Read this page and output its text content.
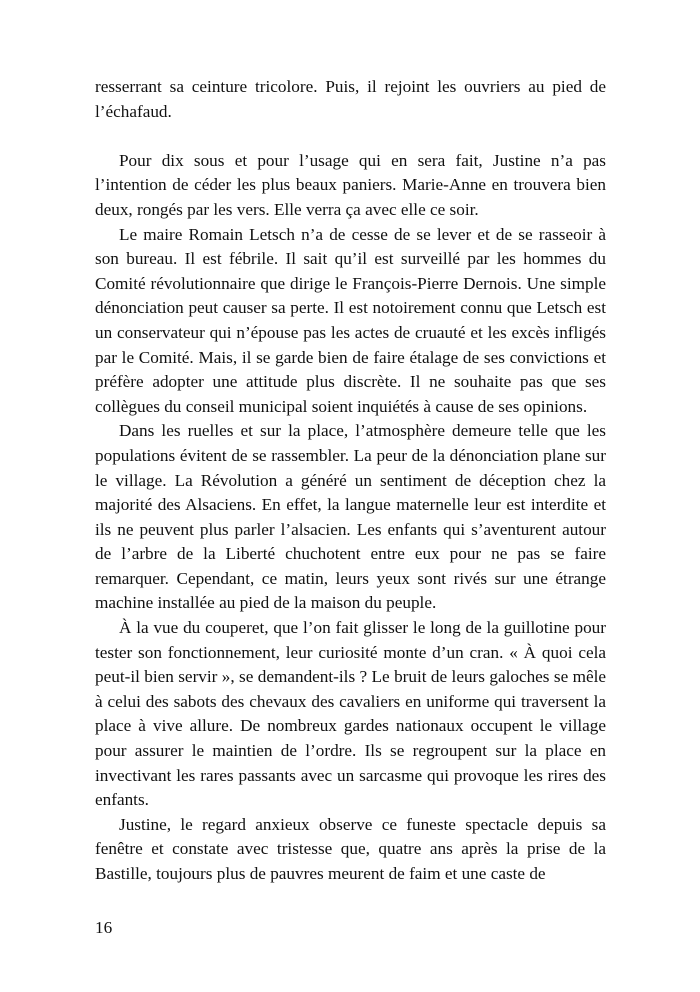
resserrant sa ceinture tricolore. Puis, il rejoint les ouvriers au pied de l’échafaud.

Pour dix sous et pour l’usage qui en sera fait, Justine n’a pas l’intention de céder les plus beaux paniers. Marie-Anne en trouvera bien deux, rongés par les vers. Elle verra ça avec elle ce soir.

Le maire Romain Letsch n’a de cesse de se lever et de se rasseoir à son bureau. Il est fébrile. Il sait qu’il est surveillé par les hommes du Comité révolutionnaire que dirige le François-Pierre Dernois. Une simple dénonciation peut causer sa perte. Il est notoirement connu que Letsch est un conservateur qui n’épouse pas les actes de cruauté et les excès infligés par le Comité. Mais, il se garde bien de faire étalage de ses convictions et préfère adopter une attitude plus discrète. Il ne souhaite pas que ses collègues du conseil municipal soient inquiétés à cause de ses opinions.

Dans les ruelles et sur la place, l’atmosphère demeure telle que les populations évitent de se rassembler. La peur de la dénonciation plane sur le village. La Révolution a généré un sentiment de déception chez la majorité des Alsaciens. En effet, la langue maternelle leur est interdite et ils ne peuvent plus parler l’alsacien. Les enfants qui s’aventurent autour de l’arbre de la Liberté chuchotent entre eux pour ne pas se faire remarquer. Cependant, ce matin, leurs yeux sont rivés sur une étrange machine installée au pied de la maison du peuple.

À la vue du couperet, que l’on fait glisser le long de la guillotine pour tester son fonctionnement, leur curiosité monte d’un cran. « À quoi cela peut-il bien servir », se demandent-ils ? Le bruit de leurs galoches se mêle à celui des sabots des chevaux des cavaliers en uniforme qui traversent la place à vive allure. De nombreux gardes nationaux occupent le village pour assurer le maintien de l’ordre. Ils se regroupent sur la place en invectivant les rares passants avec un sarcasme qui provoque les rires des enfants.

Justine, le regard anxieux observe ce funeste spectacle depuis sa fenêtre et constate avec tristesse que, quatre ans après la prise de la Bastille, toujours plus de pauvres meurent de faim et une caste de

16
